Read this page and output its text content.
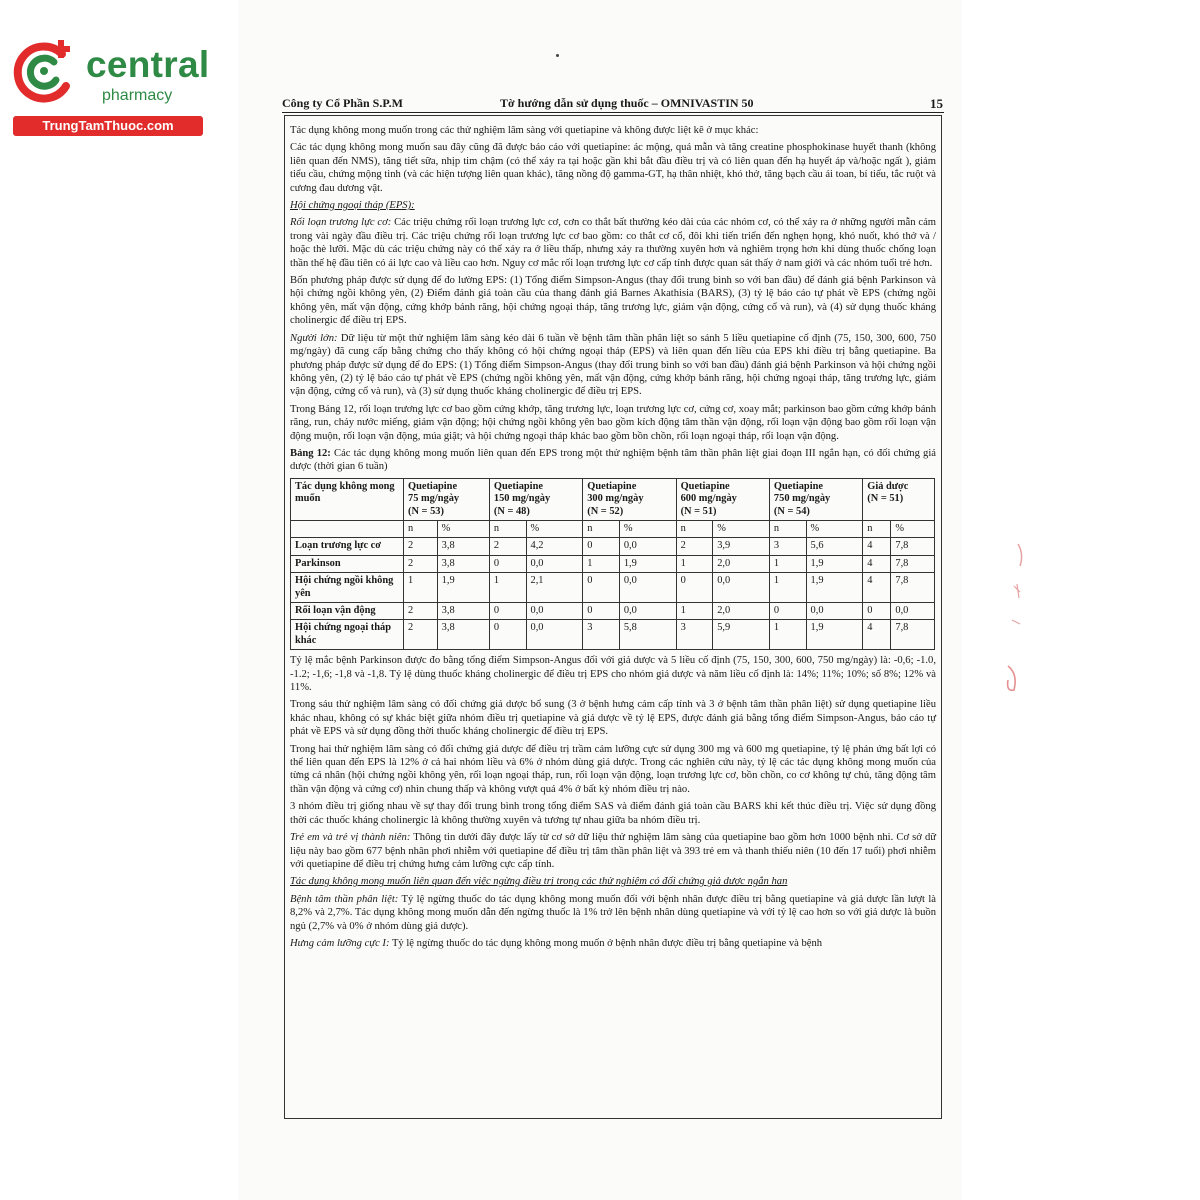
central
pharmacy
TrungTamThuoc.com
Công ty Cổ Phần S.P.M	Tờ hướng dẫn sử dụng thuốc – OMNIVASTIN 50	15

Tác dụng không mong muốn trong các thử nghiệm lâm sàng với quetiapine và không được liệt kê ở mục khác:

Các tác dụng không mong muốn sau đây cũng đã được báo cáo với quetiapine: ác mộng, quá mẫn và tăng creatine phosphokinase huyết thanh (không liên quan đến NMS), tăng tiết sữa, nhịp tim chậm (có thể xảy ra tại hoặc gần khi bắt đầu điều trị và có liên quan đến hạ huyết áp và/hoặc ngất ), giảm tiểu cầu, chứng mộng tinh (và các hiện tượng liên quan khác), tăng nồng độ gamma-GT, hạ thân nhiệt, khó thở, tăng bạch cầu ái toan, bí tiểu, tắc ruột và cương đau dương vật.

Hội chứng ngoại tháp (EPS):

Rối loạn trương lực cơ: Các triệu chứng rối loạn trương lực cơ, cơn co thắt bất thường kéo dài của các nhóm cơ, có thể xảy ra ở những người mẫn cảm trong vài ngày đầu điều trị. Các triệu chứng rối loạn trương lực cơ bao gồm: co thắt cơ cổ, đôi khi tiến triển đến nghẹn họng, khó nuốt, khó thở và / hoặc thè lưỡi. Mặc dù các triệu chứng này có thể xảy ra ở liều thấp, nhưng xảy ra thường xuyên hơn và nghiêm trọng hơn khi dùng thuốc chống loạn thần thế hệ đầu tiên có ái lực cao và liều cao hơn. Nguy cơ mắc rối loạn trương lực cơ cấp tính được quan sát thấy ở nam giới và các nhóm tuổi trẻ hơn.

Bốn phương pháp được sử dụng để đo lường EPS: (1) Tổng điểm Simpson-Angus (thay đổi trung bình so với ban đầu) để đánh giá bệnh Parkinson và hội chứng ngồi không yên, (2) Điểm đánh giá toàn cầu của thang đánh giá Barnes Akathisia (BARS), (3) tỷ lệ báo cáo tự phát về EPS (chứng ngồi không yên, mất vận động, cứng khớp bánh răng, hội chứng ngoại tháp, tăng trương lực, giảm vận động, cứng cổ và run), và (4) sử dụng thuốc kháng cholinergic để điều trị EPS.

Người lớn: Dữ liệu từ một thử nghiệm lâm sàng kéo dài 6 tuần về bệnh tâm thần phân liệt so sánh 5 liều quetiapine cố định (75, 150, 300, 600, 750 mg/ngày) đã cung cấp bằng chứng cho thấy không có hội chứng ngoại tháp (EPS) và liên quan đến liều của EPS khi điều trị bằng quetiapine. Ba phương pháp được sử dụng để đo EPS: (1) Tổng điểm Simpson-Angus (thay đổi trung bình so với ban đầu) đánh giá bệnh Parkinson và hội chứng ngồi không yên, (2) tỷ lệ báo cáo tự phát về EPS (chứng ngồi không yên, mất vận động, cứng khớp bánh răng, hội chứng ngoại tháp, tăng trương lực, giảm vận động, cứng cổ và run), và (3) sử dụng thuốc kháng cholinergic để điều trị EPS.

Trong Bảng 12, rối loạn trương lực cơ bao gồm cứng khớp, tăng trương lực, loạn trương lực cơ, cứng cơ, xoay mắt; parkinson bao gồm cứng khớp bánh răng, run, chảy nước miếng, giảm vận động; hội chứng ngồi không yên bao gồm kích động tâm thần vận động, rối loạn vận động bao gồm rối loạn vận động muộn, rối loạn vận động, múa giật; và hội chứng ngoại tháp khác bao gồm bồn chồn, rối loạn ngoại tháp, rối loạn vận động.

Bảng 12: Các tác dụng không mong muốn liên quan đến EPS trong một thử nghiệm bệnh tâm thần phân liệt giai đoạn III ngắn hạn, có đối chứng giả dược (thời gian 6 tuần)

Tác dụng không mong muốn	Quetiapine
75 mg/ngày
(N = 53)		Quetiapine
150 mg/ngày
(N = 48)		Quetiapine
300 mg/ngày
(N = 52)		Quetiapine
600 mg/ngày
(N = 51)		Quetiapine
750 mg/ngày
(N = 54)		Giả dược
(N = 51)	
	n	%	n	%	n	%	n	%	n	%	n	%
Loạn trương lực cơ	2	3,8	2	4,2	0	0,0	2	3,9	3	5,6	4	7,8
Parkinson	2	3,8	0	0,0	1	1,9	1	2,0	1	1,9	4	7,8
Hội chứng ngồi không yên	1	1,9	1	2,1	0	0,0	0	0,0	1	1,9	4	7,8
Rối loạn vận động	2	3,8	0	0,0	0	0,0	1	2,0	0	0,0	0	0,0
Hội chứng ngoại tháp khác	2	3,8	0	0,0	3	5,8	3	5,9	1	1,9	4	7,8

Tỷ lệ mắc bệnh Parkinson được đo bằng tổng điểm Simpson-Angus đối với giả dược và 5 liều cố định (75, 150, 300, 600, 750 mg/ngày) là: -0,6; -1.0, -1.2; -1,6; -1,8 và -1,8. Tỷ lệ dùng thuốc kháng cholinergic để điều trị EPS cho nhóm giả dược và năm liều cố định là: 14%; 11%; 10%; số 8%; 12% và 11%.

Trong sáu thử nghiệm lâm sàng có đối chứng giả dược bổ sung (3 ở bệnh hưng cảm cấp tính và 3 ở bệnh tâm thần phân liệt) sử dụng quetiapine liều khác nhau, không có sự khác biệt giữa nhóm điều trị quetiapine và giả dược về tỷ lệ EPS, được đánh giá bằng tổng điểm Simpson-Angus, báo cáo tự phát về EPS và sử dụng đồng thời thuốc kháng cholinergic để điều trị EPS.

Trong hai thử nghiệm lâm sàng có đối chứng giả dược để điều trị trầm cảm lưỡng cực sử dụng 300 mg và 600 mg quetiapine, tỷ lệ phản ứng bất lợi có thể liên quan đến EPS là 12% ở cả hai nhóm liều và 6% ở nhóm dùng giả dược. Trong các nghiên cứu này, tỷ lệ các tác dụng không mong muốn của từng cá nhân (hội chứng ngồi không yên, rối loạn ngoại tháp, run, rối loạn vận động, loạn trương lực cơ, bồn chồn, co cơ không tự chủ, tăng động tâm thần vận động và cứng cơ) nhìn chung thấp và không vượt quá 4% ở bất kỳ nhóm điều trị nào.

3 nhóm điều trị giống nhau về sự thay đổi trung bình trong tổng điểm SAS và điểm đánh giá toàn cầu BARS khi kết thúc điều trị. Việc sử dụng đồng thời các thuốc kháng cholinergic là không thường xuyên và tương tự nhau giữa ba nhóm điều trị.

Trẻ em và trẻ vị thành niên: Thông tin dưới đây được lấy từ cơ sở dữ liệu thử nghiệm lâm sàng của quetiapine bao gồm hơn 1000 bệnh nhi. Cơ sở dữ liệu này bao gồm 677 bệnh nhân phơi nhiễm với quetiapine để điều trị tâm thần phân liệt và 393 trẻ em và thanh thiếu niên (10 đến 17 tuổi) phơi nhiễm với quetiapine để điều trị chứng hưng cảm lưỡng cực cấp tính.

Tác dụng không mong muốn liên quan đến việc ngừng điều trị trong các thử nghiệm có đối chứng giả dược ngắn hạn

Bệnh tâm thần phân liệt: Tỷ lệ ngừng thuốc do tác dụng không mong muốn đối với bệnh nhân được điều trị bằng quetiapine và giả dược lần lượt là 8,2% và 2,7%. Tác dụng không mong muốn dẫn đến ngừng thuốc là 1% trở lên bệnh nhân dùng quetiapine và với tỷ lệ cao hơn so với giả dược là buồn ngủ (2,7% và 0% ở nhóm dùng giả dược).

Hưng cảm lưỡng cực I: Tỷ lệ ngừng thuốc do tác dụng không mong muốn ở bệnh nhân được điều trị bằng quetiapine và bệnh
